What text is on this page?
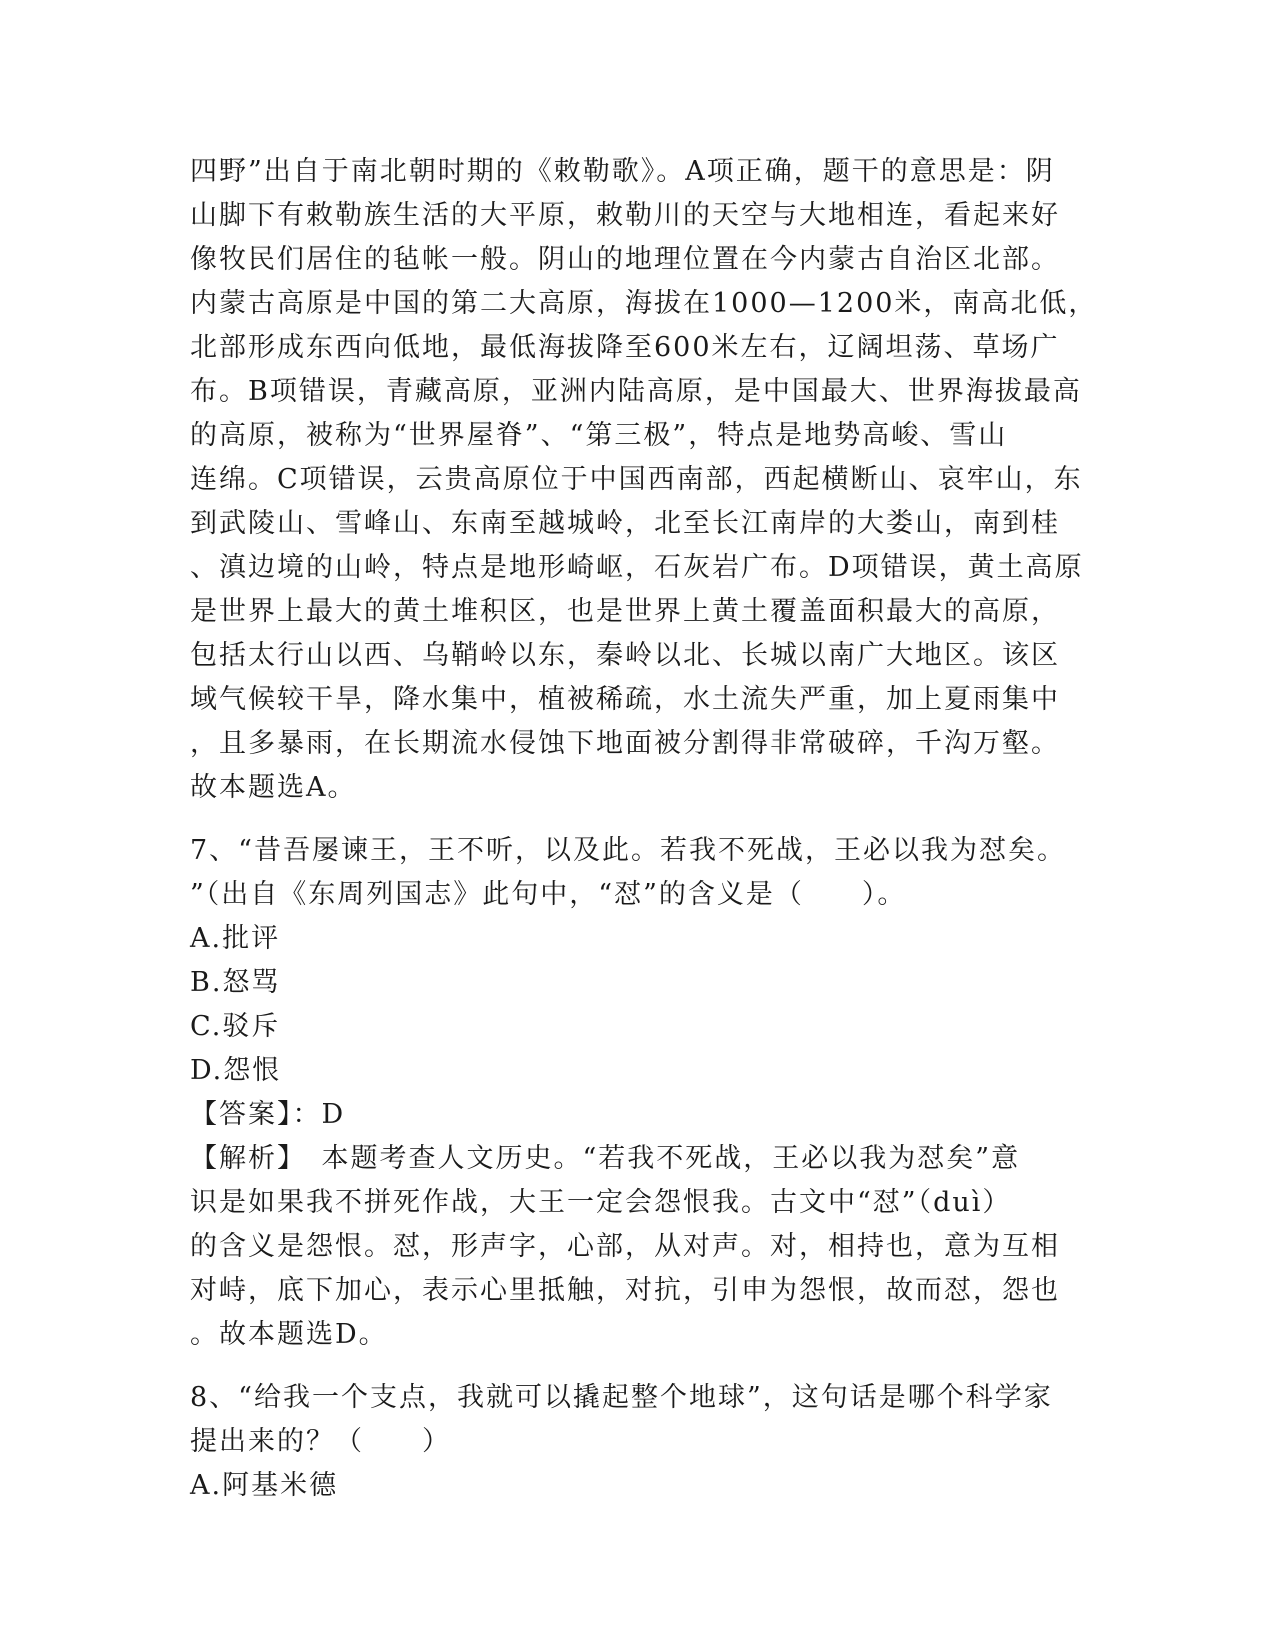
四野”出自于南北朝时期的《敕勒歌》。A项正确，题干的意思是：阴
山脚下有敕勒族生活的大平原，敕勒川的天空与大地相连，看起来好
像牧民们居住的毡帐一般。阴山的地理位置在今内蒙古自治区北部。
内蒙古高原是中国的第二大高原，海拔在1000—1200米，南高北低，
北部形成东西向低地，最低海拔降至600米左右，辽阔坦荡、草场广
布。B项错误，青藏高原，亚洲内陆高原，是中国最大、世界海拔最高
的高原，被称为“世界屋脊”、“第三极”，特点是地势高峻、雪山
连绵。C项错误，云贵高原位于中国西南部，西起横断山、哀牢山，东
到武陵山、雪峰山、东南至越城岭，北至长江南岸的大娄山，南到桂
、滇边境的山岭，特点是地形崎岖，石灰岩广布。D项错误，黄土高原
是世界上最大的黄土堆积区，也是世界上黄土覆盖面积最大的高原，
包括太行山以西、乌鞘岭以东，秦岭以北、长城以南广大地区。该区
域气候较干旱，降水集中，植被稀疏，水土流失严重，加上夏雨集中
，且多暴雨，在长期流水侵蚀下地面被分割得非常破碎，千沟万壑。
故本题选A。
7、“昔吾屡谏王，王不听，以及此。若我不死战，王必以我为怼矣。
”（出自《东周列国志》此句中，“怼”的含义是（　　）。
A.批评
B.怒骂
C.驳斥
D.怨恨
【答案】：D
【解析】　本题考查人文历史。“若我不死战，王必以我为怼矣”意
识是如果我不拼死作战，大王一定会怨恨我。古文中“怼”（duì）
的含义是怨恨。怼，形声字，心部，从对声。对，相持也，意为互相
对峙，底下加心，表示心里抵触，对抗，引申为怨恨，故而怼，怨也
。故本题选D。
8、“给我一个支点，我就可以撬起整个地球”，这句话是哪个科学家
提出来的？（　　）
A.阿基米德
